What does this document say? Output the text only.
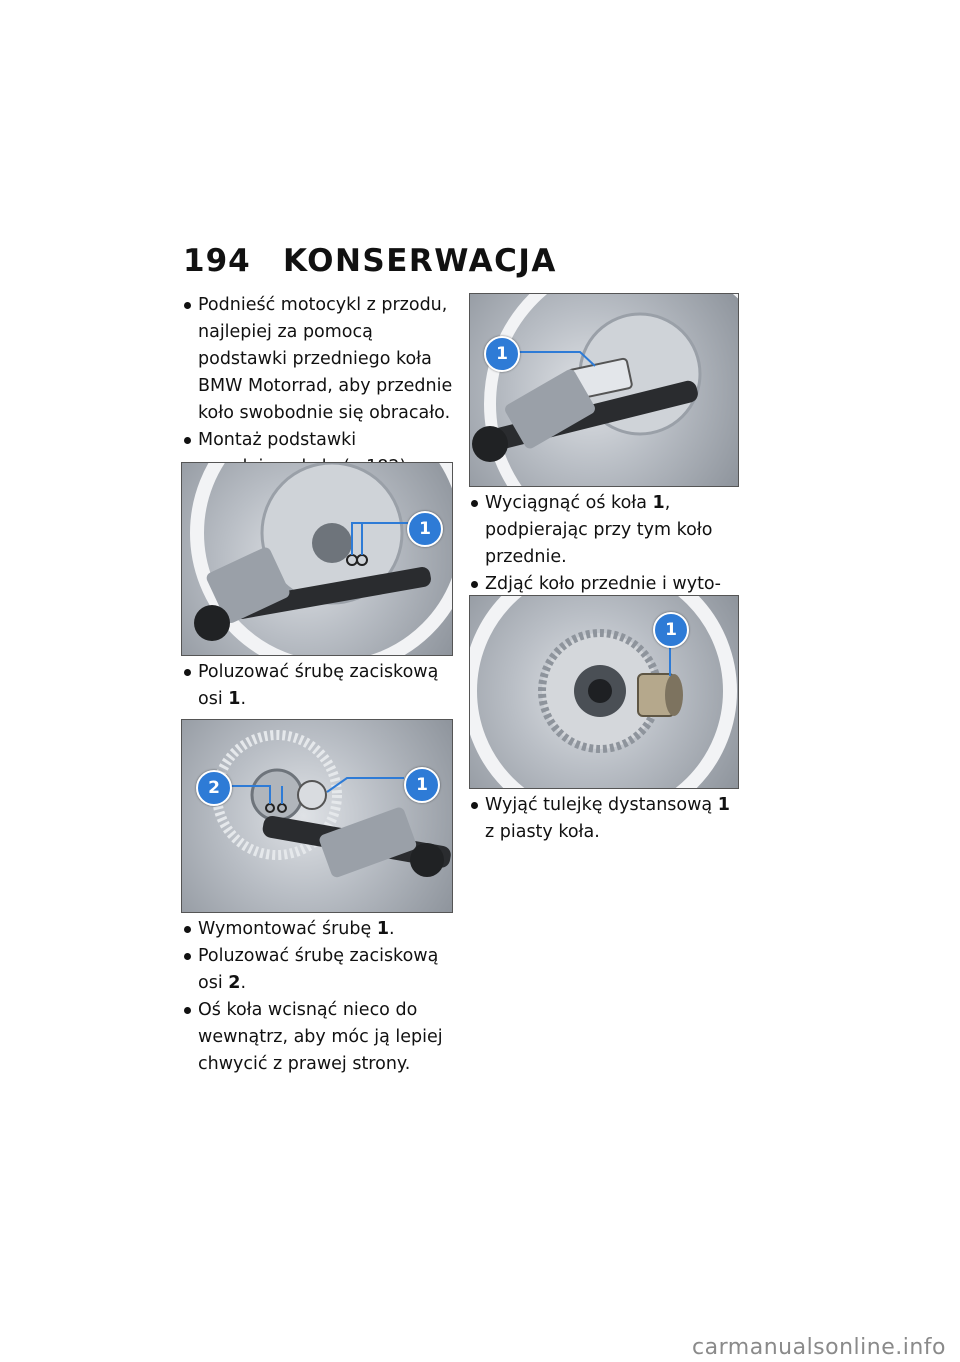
194 KONSERWACJA
Podnieść motocykl z przodu, najlepiej za pomocą podstawki przedniego koła BMW Motorrad, aby przednie koło swobodnie się obracało.
Montaż podstawki
1
Poluzować śrubę zaciskową osi 1.
2	1
Wymontować śrubę 1.
Poluzować śrubę zaciskową osi 2.
Oś koła wcisnąć nieco do wewnątrz, aby móc ją lepiej chwycić z prawej strony.
1
Wyciągnąć oś koła 1, podpierając przy tym koło przednie.
Zdjąć koło przednie i wyto
1
Wyjąć tulejkę dystansową 1 z piasty koła.
carmanualsonline.info
